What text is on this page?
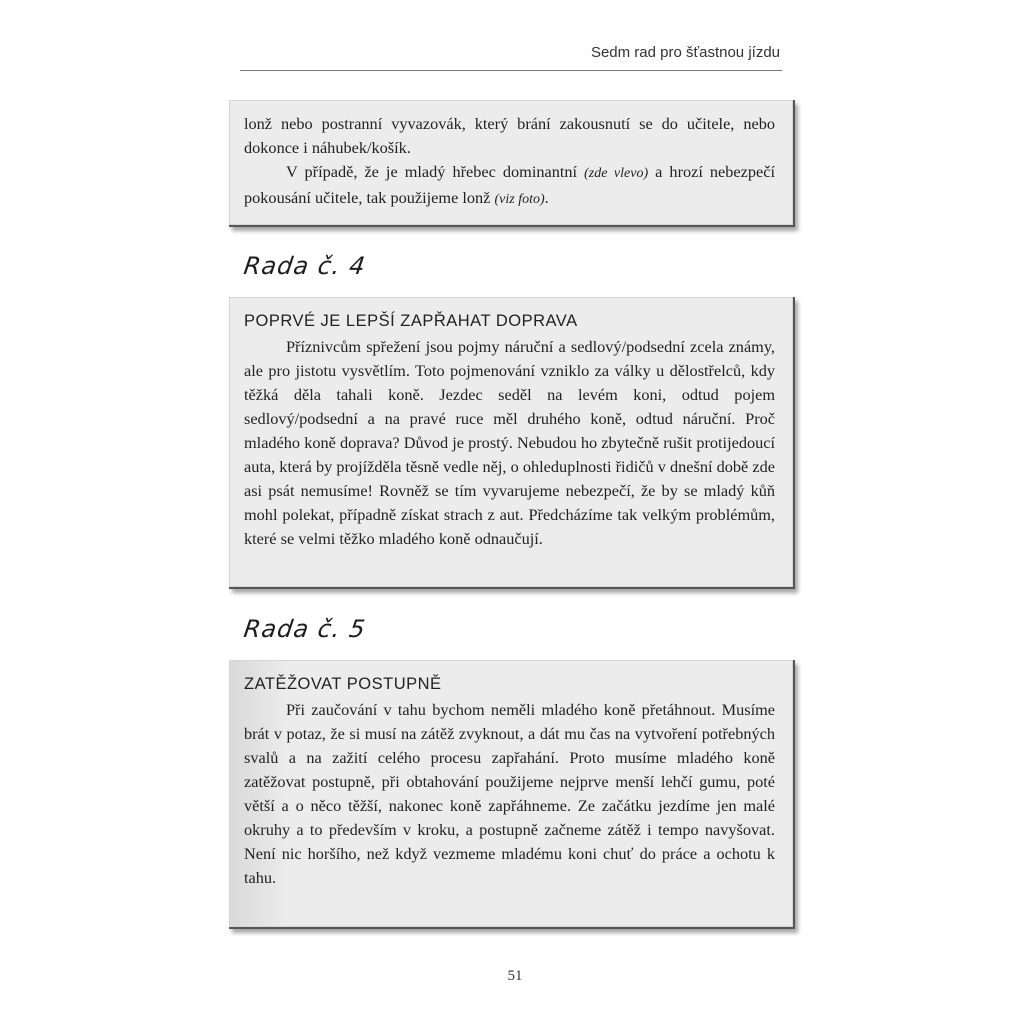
Sedm rad pro šťastnou jízdu

lonž nebo postranní vyvazovák, který brání zakousnutí se do učitele, nebo dokonce i náhubek/košík.

V případě, že je mladý hřebec dominantní (zde vlevo) a hrozí nebezpečí pokousání učitele, tak použijeme lonž (viz foto).

Rada č. 4
POPRVÉ JE LEPŠÍ ZAPŘAHAT DOPRAVA

Příznivcům spřežení jsou pojmy náruční a sedlový/podsední zcela známy, ale pro jistotu vysvětlím. Toto pojmenování vzniklo za války u dělostřelců, kdy těžká děla tahali koně. Jezdec seděl na levém koni, odtud pojem sedlový/podsední a na pravé ruce měl druhého koně, odtud náruční. Proč mladého koně doprava? Důvod je prostý. Nebudou ho zbytečně rušit protijedoucí auta, která by projížděla těsně vedle něj, o ohleduplnosti řidičů v dnešní době zde asi psát nemusíme! Rovněž se tím vyvarujeme nebezpečí, že by se mladý kůň mohl polekat, případně získat strach z aut. Předcházíme tak velkým problémům, které se velmi těžko mladého koně odnaučují.

Rada č. 5
ZATĚŽOVAT POSTUPNĚ

Při zaučování v tahu bychom neměli mladého koně přetáhnout. Musíme brát v potaz, že si musí na zátěž zvyknout, a dát mu čas na vytvoření potřebných svalů a na zažití celého procesu zapřahání. Proto musíme mladého koně zatěžovat postupně, při obtahování použijeme nejprve menší lehčí gumu, poté větší a o něco těžší, nakonec koně zapřáhneme. Ze začátku jezdíme jen malé okruhy a to především v kroku, a postupně začneme zátěž i tempo navyšovat. Není nic horšího, než když vezmeme mladému koni chuť do práce a ochotu k tahu.

51
